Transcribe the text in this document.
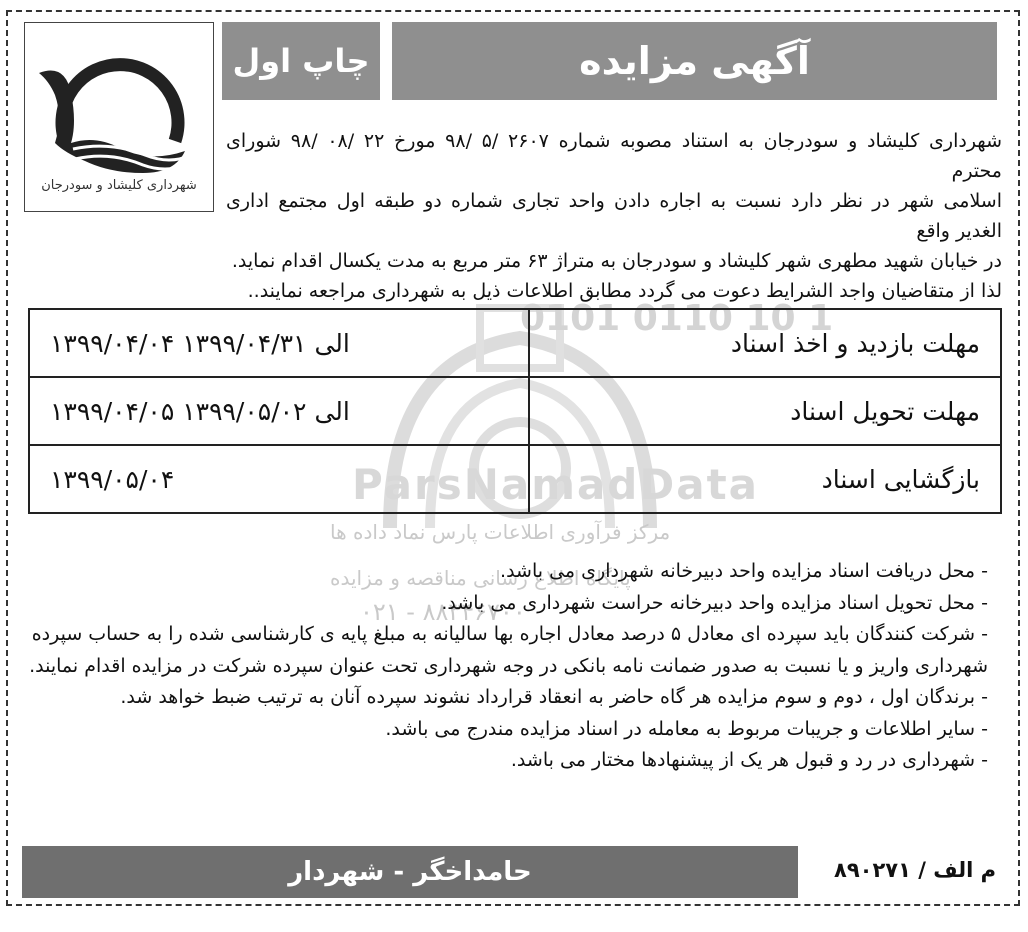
0101 0110 10 1
ParsNamadData
مرکز فرآوری اطلاعات پارس نماد داده ها
پایگاه اطلاع رسانی مناقصه و مزایده
۰۲۱ - ۸۸۳۴۶۷۰۰
آگهی مزایده
چاپ اول
شهرداری کلیشاد و سودرجان

شهرداری کلیشاد و سودرجان به استناد مصوبه شماره ۲۶۰۷ /۵ /۹۸ مورخ ۲۲ /۰۸ /۹۸ شورای محترم

اسلامی شهر در نظر دارد نسبت به اجاره دادن واحد تجاری شماره دو طبقه اول مجتمع اداری الغدیر واقع

در خیابان شهید مطهری شهر کلیشاد و سودرجان به متراژ ۶۳ متر مربع به مدت یکسال اقدام نماید.

لذا از متقاضیان واجد الشرایط دعوت می گردد مطابق اطلاعات ذیل به شهرداری مراجعه نمایند..

مهلت بازدید و اخذ اسناد	۱۳۹۹/۰۴/۰۴ الی ۱۳۹۹/۰۴/۳۱
مهلت تحویل اسناد	۱۳۹۹/۰۴/۰۵ الی ۱۳۹۹/۰۵/۰۲
بازگشایی اسناد	۱۳۹۹/۰۵/۰۴

- محل دریافت اسناد مزایده واحد دبیرخانه شهرداری می باشد.

- محل تحویل اسناد مزایده واحد دبیرخانه حراست شهرداری می باشد.

- شرکت کنندگان باید سپرده ای معادل ۵ درصد معادل اجاره بها سالیانه به مبلغ پایه ی کارشناسی شده را به حساب سپرده

شهرداری واریز و یا نسبت به صدور ضمانت نامه بانکی در وجه شهرداری تحت عنوان سپرده شرکت در مزایده اقدام نمایند.

- برندگان اول ، دوم و سوم مزایده هر گاه حاضر به انعقاد قرارداد نشوند سپرده آنان به ترتیب ضبط خواهد شد.

- سایر اطلاعات و جریبات مربوط به معامله در اسناد مزایده مندرج می باشد.

- شهرداری در رد و قبول هر یک از پیشنهادها مختار می باشد.

حامداخگر - شهردار	م الف / ۸۹۰۲۷۱
